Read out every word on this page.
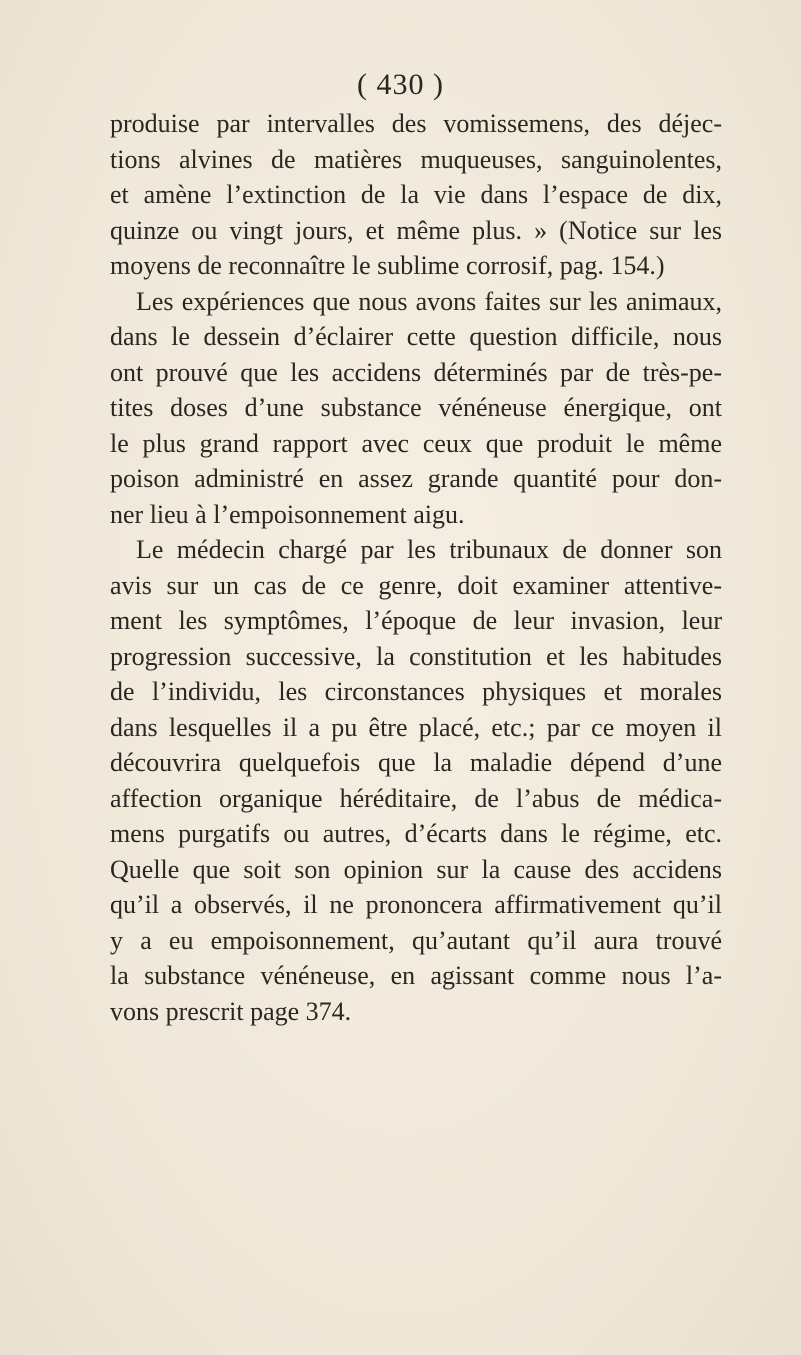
( 430 )
produise par intervalles des vomissemens, des déjec-
tions alvines de matières muqueuses, sanguinolentes,
et amène l’extinction de la vie dans l’espace de dix,
quinze ou vingt jours, et même plus. » (Notice sur les
moyens de reconnaître le sublime corrosif, pag. 154.)
Les expériences que nous avons faites sur les animaux,
dans le dessein d’éclairer cette question difficile, nous
ont prouvé que les accidens déterminés par de très-pe-
tites doses d’une substance vénéneuse énergique, ont
le plus grand rapport avec ceux que produit le même
poison administré en assez grande quantité pour don-
ner lieu à l’empoisonnement aigu.
Le médecin chargé par les tribunaux de donner son
avis sur un cas de ce genre, doit examiner attentive-
ment les symptômes, l’époque de leur invasion, leur
progression successive, la constitution et les habitudes
de l’individu, les circonstances physiques et morales
dans lesquelles il a pu être placé, etc.; par ce moyen il
découvrira quelquefois que la maladie dépend d’une
affection organique héréditaire, de l’abus de médica-
mens purgatifs ou autres, d’écarts dans le régime, etc.
Quelle que soit son opinion sur la cause des accidens
qu’il a observés, il ne prononcera affirmativement qu’il
y a eu empoisonnement, qu’autant qu’il aura trouvé
la substance vénéneuse, en agissant comme nous l’a-
vons prescrit page 374.
